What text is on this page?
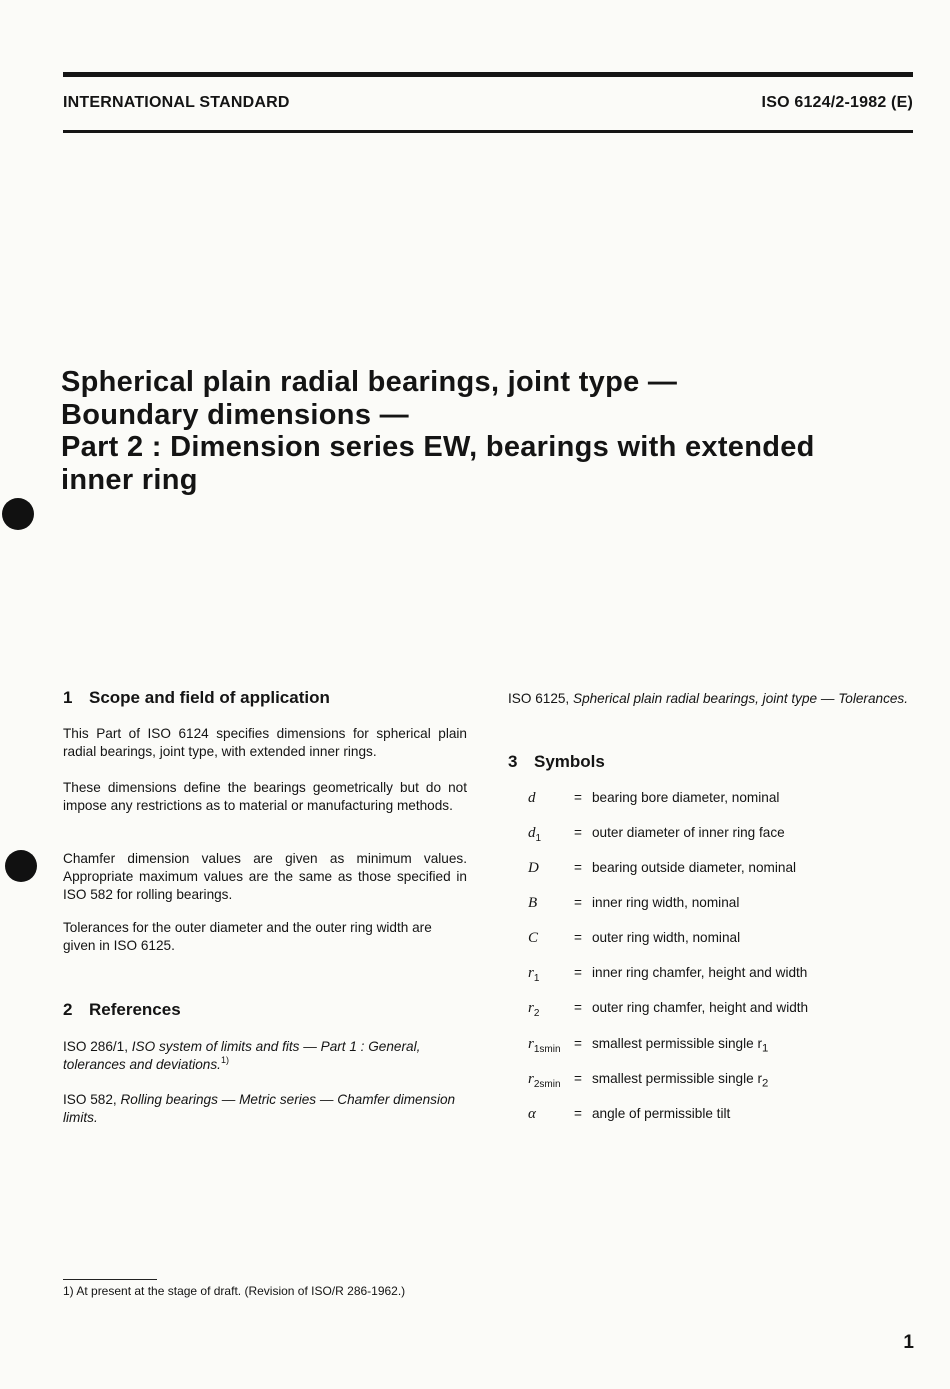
INTERNATIONAL STANDARD	ISO 6124/2-1982 (E)
Spherical plain radial bearings, joint type —
Boundary dimensions —
Part 2 : Dimension series EW, bearings with extended
inner ring
1 Scope and field of application
This Part of ISO 6124 specifies dimensions for spherical plain radial bearings, joint type, with extended inner rings.
These dimensions define the bearings geometrically but do not impose any restrictions as to material or manufacturing methods.
Chamfer dimension values are given as minimum values. Appropriate maximum values are the same as those specified in ISO 582 for rolling bearings.
Tolerances for the outer diameter and the outer ring width are given in ISO 6125.
2 References
ISO 286/1, ISO system of limits and fits — Part 1 : General, tolerances and deviations.$^{1)}$
ISO 582, Rolling bearings — Metric series — Chamfer dimension limits.
ISO 6125, Spherical plain radial bearings, joint type — Tolerances.
3 Symbols
d	= bearing bore diameter, nominal
$d_1$ = outer diameter of inner ring face
D	= bearing outside diameter, nominal
B	= inner ring width, nominal
C	= outer ring width, nominal
$r_1$	= inner ring chamfer, height and width
$r_2$	= outer ring chamfer, height and width
$r_{1smin}$ = smallest permissible single $r_1$
$r_{2smin}$ = smallest permissible single $r_2$
α	= angle of permissible tilt
1) At present at the stage of draft. (Revision of ISO/R 286-1962.)
1
